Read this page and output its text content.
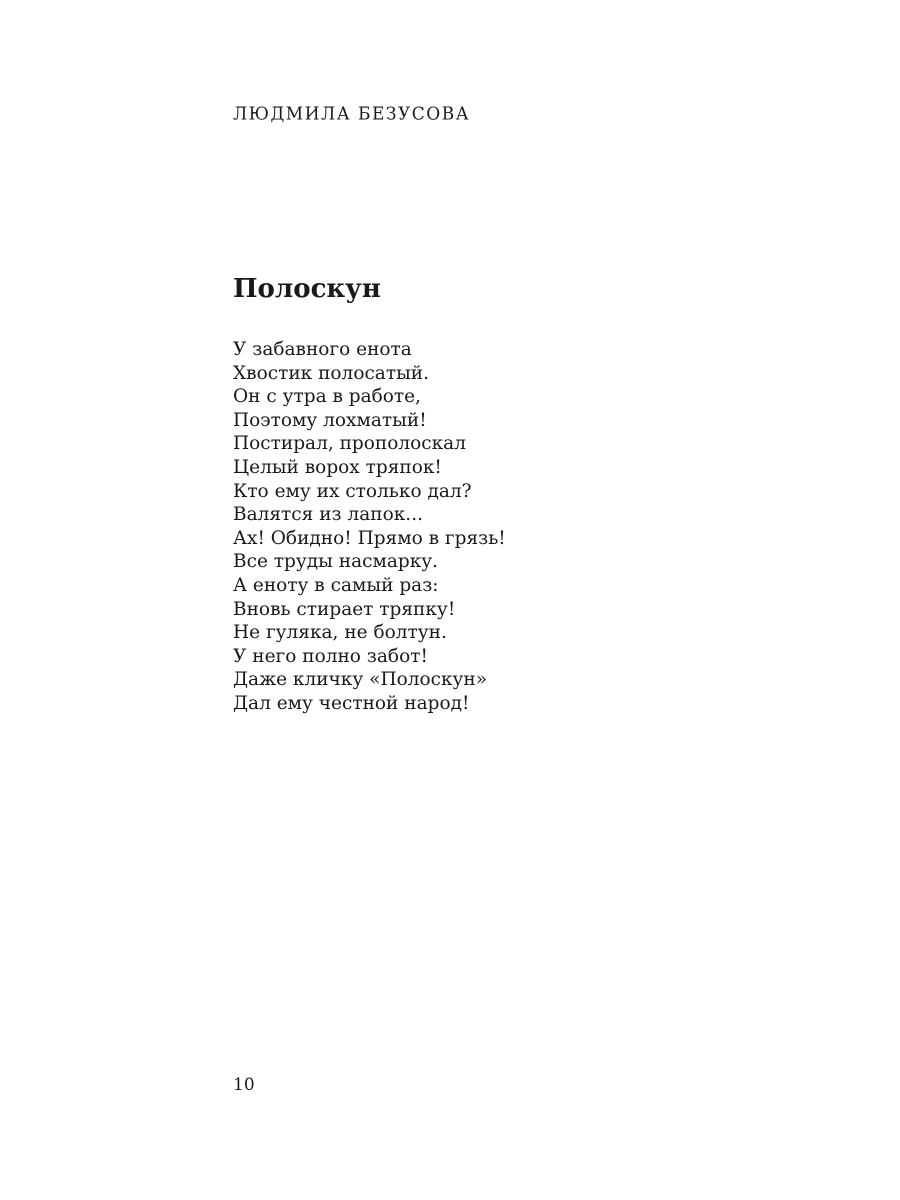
ЛЮДМИЛА БЕЗУСОВА
Полоскун
У забавного енота
Хвостик полосатый.
Он с утра в работе,
Поэтому лохматый!
Постирал, прополоскал
Целый ворох тряпок!
Кто ему их столько дал?
Валятся из лапок...
Ах! Обидно! Прямо в грязь!
Все труды насмарку.
А еноту в самый раз:
Вновь стирает тряпку!
Не гуляка, не болтун.
У него полно забот!
Даже кличку «Полоскун»
Дал ему честной народ!
10
